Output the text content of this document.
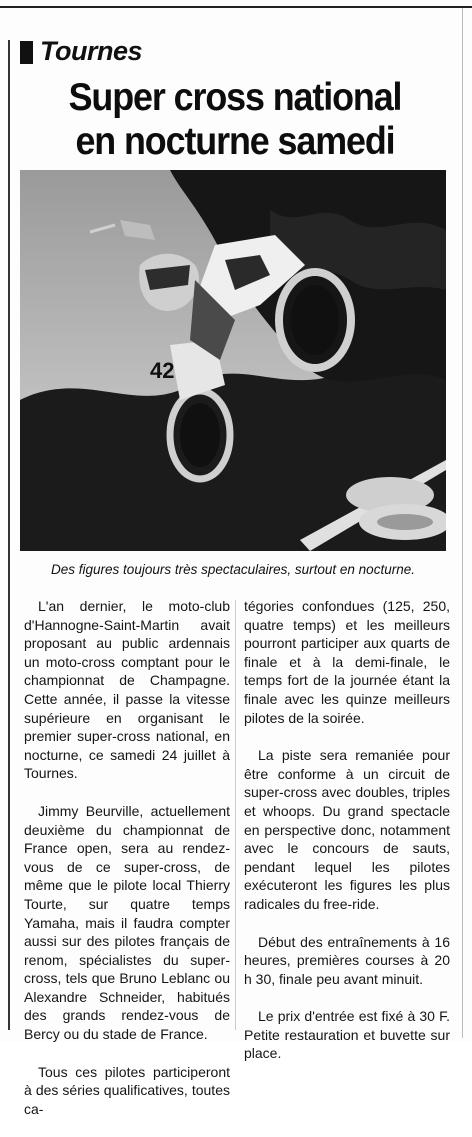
Tournes
Super cross national
en nocturne samedi
42
Des figures toujours très spectaculaires, surtout en nocturne.

L'an dernier, le moto-club d'Hannogne-Saint-Martin avait proposant au public ardennais un moto-cross comptant pour le championnat de Champagne. Cette année, il passe la vitesse supérieure en organisant le premier super-cross national, en nocturne, ce samedi 24 juillet à Tournes.

Jimmy Beurville, actuellement deuxième du championnat de France open, sera au rendez-vous de ce super-cross, de même que le pilote local Thierry Tourte, sur quatre temps Yamaha, mais il faudra compter aussi sur des pilotes français de renom, spécialistes du super-cross, tels que Bruno Leblanc ou Alexandre Schneider, habitués des grands rendez-vous de Bercy ou du stade de France.

Tous ces pilotes participeront à des séries qualificatives, toutes ca-

tégories confondues (125, 250, quatre temps) et les meilleurs pourront participer aux quarts de finale et à la demi-finale, le temps fort de la journée étant la finale avec les quinze meilleurs pilotes de la soirée.

La piste sera remaniée pour être conforme à un circuit de super-cross avec doubles, triples et whoops. Du grand spectacle en perspective donc, notamment avec le concours de sauts, pendant lequel les pilotes exécuteront les figures les plus radicales du free-ride.

Début des entraînements à 16 heures, premières courses à 20 h 30, finale peu avant minuit.

Le prix d'entrée est fixé à 30 F. Petite restauration et buvette sur place.
